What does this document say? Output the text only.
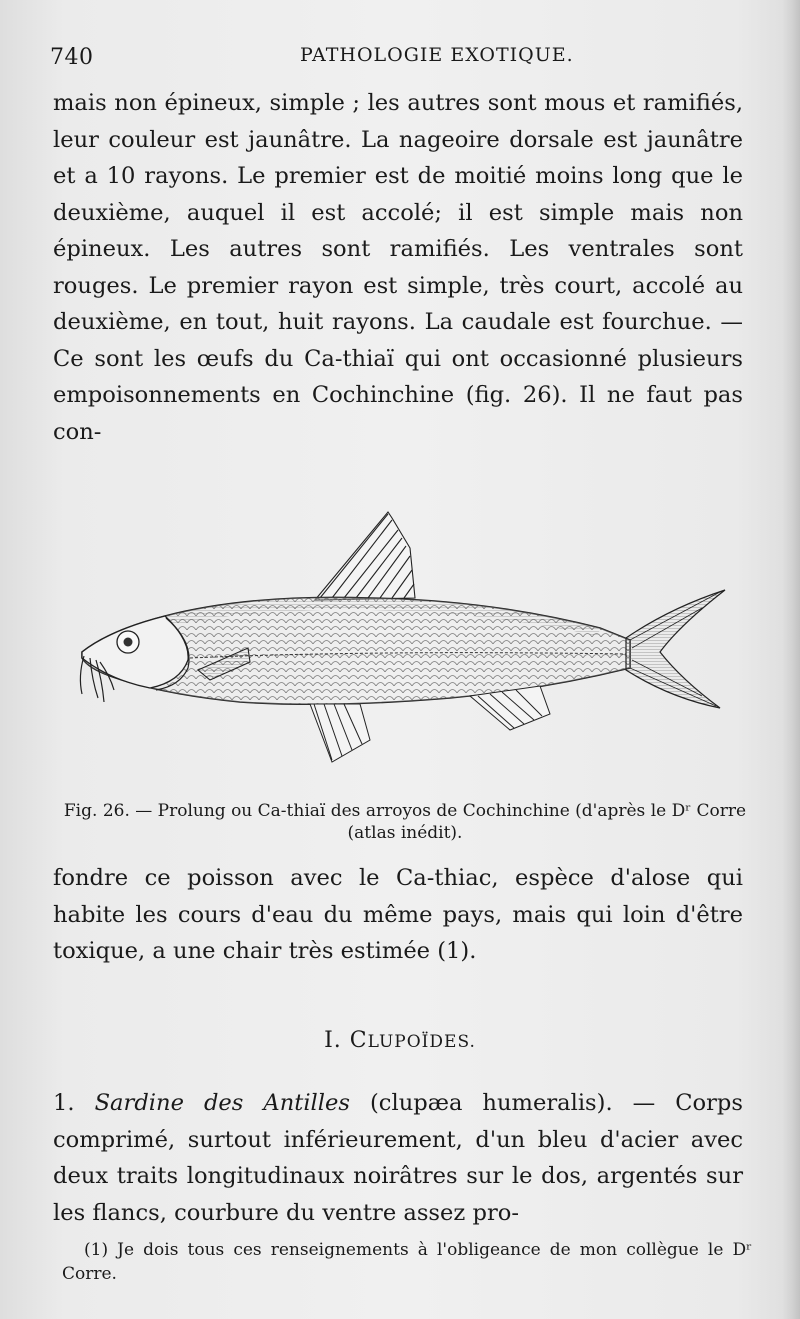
740	PATHOLOGIE EXOTIQUE.

mais non épineux, simple ; les autres sont mous et ramifiés, leur couleur est jaunâtre. La nageoire dorsale est jaunâtre et a 10 rayons. Le premier est de moitié moins long que le deuxième, auquel il est accolé; il est simple mais non épineux. Les autres sont ramifiés. Les ventrales sont rouges. Le premier rayon est simple, très court, accolé au deuxième, en tout, huit rayons. La caudale est fourchue. — Ce sont les œufs du Ca-thiaï qui ont occasionné plusieurs empoisonnements en Cochinchine (fig. 26). Il ne faut pas con-

Fig. 26. — Prolung ou Ca-thiaï des arroyos de Cochinchine (d'après le Dʳ Corre (atlas inédit).

fondre ce poisson avec le Ca-thiac, espèce d'alose qui habite les cours d'eau du même pays, mais qui loin d'être toxique, a une chair très estimée (1).

I. CLUPOÏDES.

1. Sardine des Antilles (clupæa humeralis). — Corps comprimé, surtout inférieurement, d'un bleu d'acier avec deux traits longitudinaux noirâtres sur le dos, argentés sur les flancs, courbure du ventre assez pro-

(1) Je dois tous ces renseignements à l'obligeance de mon collègue le Dʳ Corre.
